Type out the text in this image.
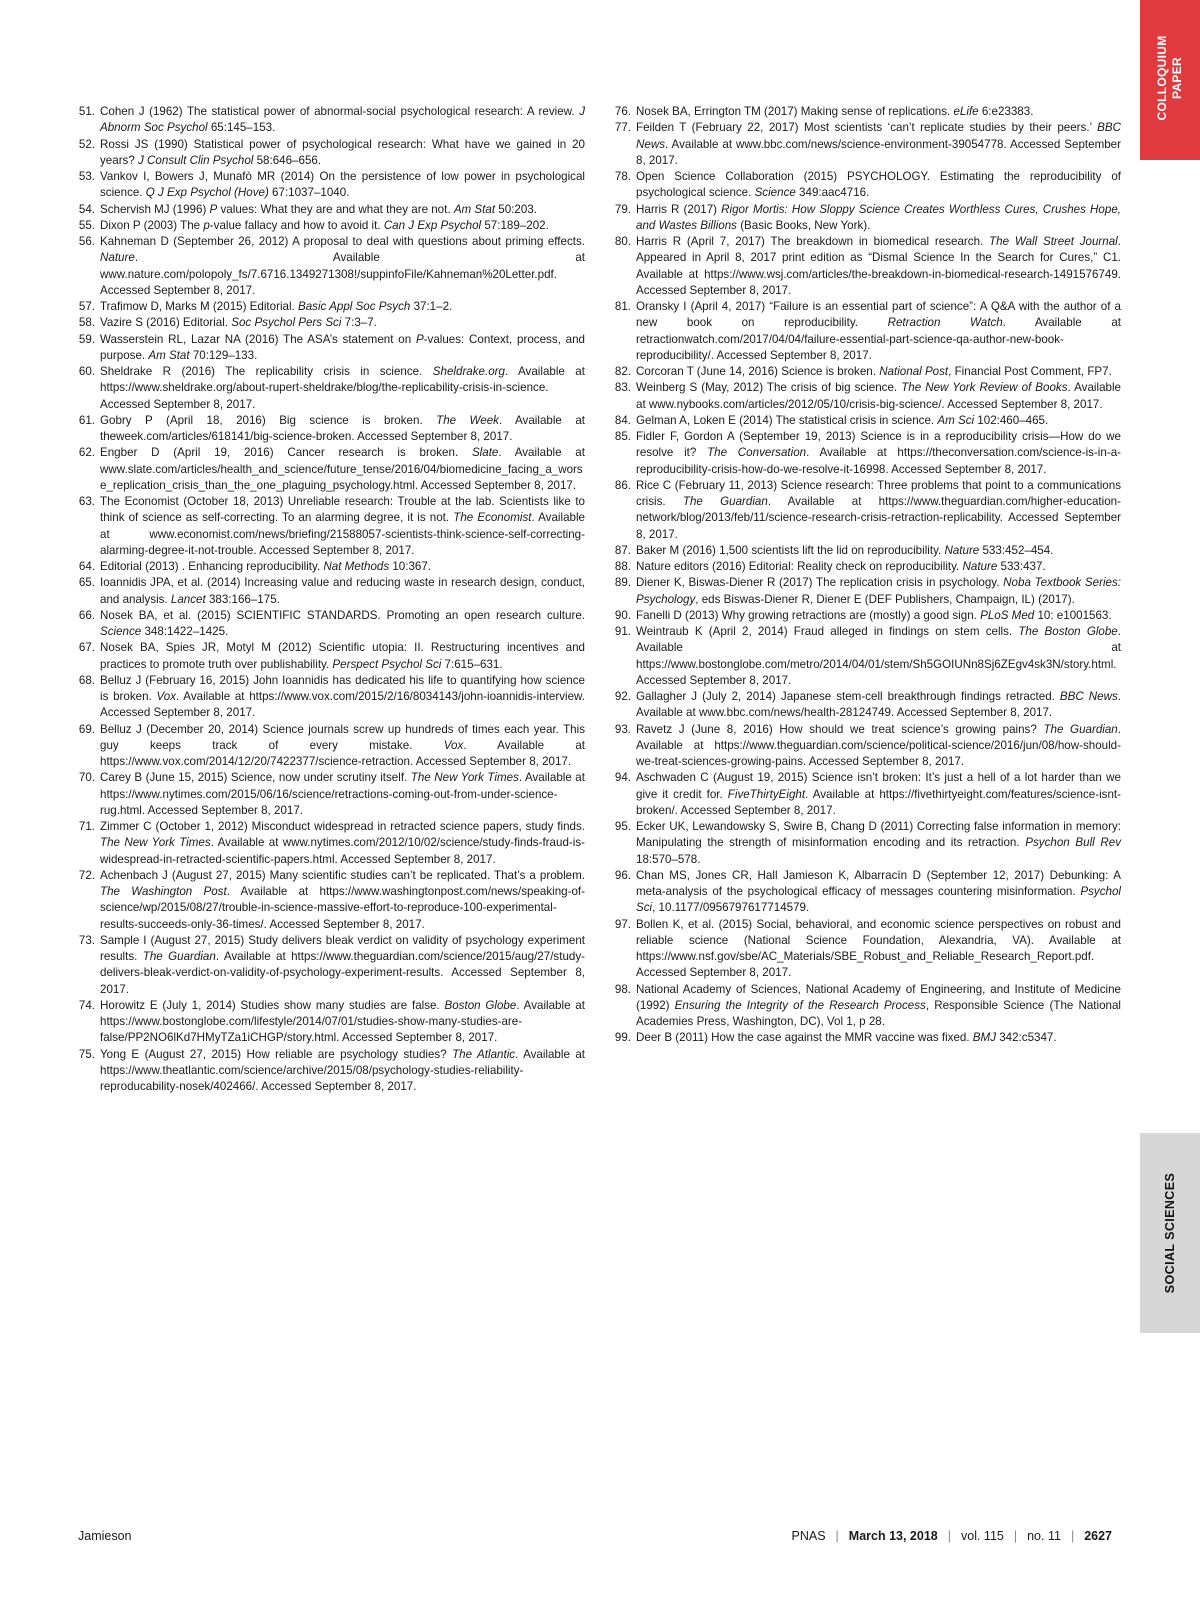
COLLOQUIUM PAPER
SOCIAL SCIENCES
51. Cohen J (1962) The statistical power of abnormal-social psychological research: A review. J Abnorm Soc Psychol 65:145–153.
52. Rossi JS (1990) Statistical power of psychological research: What have we gained in 20 years? J Consult Clin Psychol 58:646–656.
53. Vankov I, Bowers J, Munafò MR (2014) On the persistence of low power in psychological science. Q J Exp Psychol (Hove) 67:1037–1040.
54. Schervish MJ (1996) P values: What they are and what they are not. Am Stat 50:203.
55. Dixon P (2003) The p-value fallacy and how to avoid it. Can J Exp Psychol 57:189–202.
56. Kahneman D (September 26, 2012) A proposal to deal with questions about priming effects. Nature. Available at www.nature.com/polopoly_fs/7.6716.1349271308!/suppinfoFile/Kahneman%20Letter.pdf. Accessed September 8, 2017.
57. Trafimow D, Marks M (2015) Editorial. Basic Appl Soc Psych 37:1–2.
58. Vazire S (2016) Editorial. Soc Psychol Pers Sci 7:3–7.
59. Wasserstein RL, Lazar NA (2016) The ASA’s statement on P-values: Context, process, and purpose. Am Stat 70:129–133.
60. Sheldrake R (2016) The replicability crisis in science. Sheldrake.org. Available at https://www.sheldrake.org/about-rupert-sheldrake/blog/the-replicability-crisis-in-science. Accessed September 8, 2017.
61. Gobry P (April 18, 2016) Big science is broken. The Week. Available at theweek.com/articles/618141/big-science-broken. Accessed September 8, 2017.
62. Engber D (April 19, 2016) Cancer research is broken. Slate. Available at www.slate.com/articles/health_and_science/future_tense/2016/04/biomedicine_facing_a_worse_replication_crisis_than_the_one_plaguing_psychology.html. Accessed September 8, 2017.
63. The Economist (October 18, 2013) Unreliable research: Trouble at the lab. Scientists like to think of science as self-correcting. To an alarming degree, it is not. The Economist. Available at www.economist.com/news/briefing/21588057-scientists-think-science-self-correcting-alarming-degree-it-not-trouble. Accessed September 8, 2017.
64. Editorial (2013) . Enhancing reproducibility. Nat Methods 10:367.
65. Ioannidis JPA, et al. (2014) Increasing value and reducing waste in research design, conduct, and analysis. Lancet 383:166–175.
66. Nosek BA, et al. (2015) SCIENTIFIC STANDARDS. Promoting an open research culture. Science 348:1422–1425.
67. Nosek BA, Spies JR, Motyl M (2012) Scientific utopia: II. Restructuring incentives and practices to promote truth over publishability. Perspect Psychol Sci 7:615–631.
68. Belluz J (February 16, 2015) John Ioannidis has dedicated his life to quantifying how science is broken. Vox. Available at https://www.vox.com/2015/2/16/8034143/john-ioannidis-interview. Accessed September 8, 2017.
69. Belluz J (December 20, 2014) Science journals screw up hundreds of times each year. This guy keeps track of every mistake. Vox. Available at https://www.vox.com/2014/12/20/7422377/science-retraction. Accessed September 8, 2017.
70. Carey B (June 15, 2015) Science, now under scrutiny itself. The New York Times. Available at https://www.nytimes.com/2015/06/16/science/retractions-coming-out-from-under-science-rug.html. Accessed September 8, 2017.
71. Zimmer C (October 1, 2012) Misconduct widespread in retracted science papers, study finds. The New York Times. Available at www.nytimes.com/2012/10/02/science/study-finds-fraud-is-widespread-in-retracted-scientific-papers.html. Accessed September 8, 2017.
72. Achenbach J (August 27, 2015) Many scientific studies can’t be replicated. That’s a problem. The Washington Post. Available at https://www.washingtonpost.com/news/speaking-of-science/wp/2015/08/27/trouble-in-science-massive-effort-to-reproduce-100-experimental-results-succeeds-only-36-times/. Accessed September 8, 2017.
73. Sample I (August 27, 2015) Study delivers bleak verdict on validity of psychology experiment results. The Guardian. Available at https://www.theguardian.com/science/2015/aug/27/study-delivers-bleak-verdict-on-validity-of-psychology-experiment-results. Accessed September 8, 2017.
74. Horowitz E (July 1, 2014) Studies show many studies are false. Boston Globe. Available at https://www.bostonglobe.com/lifestyle/2014/07/01/studies-show-many-studies-are-false/PP2NO6lKd7HMyTZa1iCHGP/story.html. Accessed September 8, 2017.
75. Yong E (August 27, 2015) How reliable are psychology studies? The Atlantic. Available at https://www.theatlantic.com/science/archive/2015/08/psychology-studies-reliability-reproducability-nosek/402466/. Accessed September 8, 2017.
76. Nosek BA, Errington TM (2017) Making sense of replications. eLife 6:e23383.
77. Feilden T (February 22, 2017) Most scientists ‘can’t replicate studies by their peers.’ BBC News. Available at www.bbc.com/news/science-environment-39054778. Accessed September 8, 2017.
78. Open Science Collaboration (2015) PSYCHOLOGY. Estimating the reproducibility of psychological science. Science 349:aac4716.
79. Harris R (2017) Rigor Mortis: How Sloppy Science Creates Worthless Cures, Crushes Hope, and Wastes Billions (Basic Books, New York).
80. Harris R (April 7, 2017) The breakdown in biomedical research. The Wall Street Journal. Appeared in April 8, 2017 print edition as “Dismal Science In the Search for Cures,” C1. Available at https://www.wsj.com/articles/the-breakdown-in-biomedical-research-1491576749. Accessed September 8, 2017.
81. Oransky I (April 4, 2017) “Failure is an essential part of science”: A Q&A with the author of a new book on reproducibility. Retraction Watch. Available at retractionwatch.com/2017/04/04/failure-essential-part-science-qa-author-new-book-reproducibility/. Accessed September 8, 2017.
82. Corcoran T (June 14, 2016) Science is broken. National Post, Financial Post Comment, FP7.
83. Weinberg S (May, 2012) The crisis of big science. The New York Review of Books. Available at www.nybooks.com/articles/2012/05/10/crisis-big-science/. Accessed September 8, 2017.
84. Gelman A, Loken E (2014) The statistical crisis in science. Am Sci 102:460–465.
85. Fidler F, Gordon A (September 19, 2013) Science is in a reproducibility crisis—How do we resolve it? The Conversation. Available at https://theconversation.com/science-is-in-a-reproducibility-crisis-how-do-we-resolve-it-16998. Accessed September 8, 2017.
86. Rice C (February 11, 2013) Science research: Three problems that point to a communications crisis. The Guardian. Available at https://www.theguardian.com/higher-education-network/blog/2013/feb/11/science-research-crisis-retraction-replicability. Accessed September 8, 2017.
87. Baker M (2016) 1,500 scientists lift the lid on reproducibility. Nature 533:452–454.
88. Nature editors (2016) Editorial: Reality check on reproducibility. Nature 533:437.
89. Diener K, Biswas-Diener R (2017) The replication crisis in psychology. Noba Textbook Series: Psychology, eds Biswas-Diener R, Diener E (DEF Publishers, Champaign, IL) (2017).
90. Fanelli D (2013) Why growing retractions are (mostly) a good sign. PLoS Med 10: e1001563.
91. Weintraub K (April 2, 2014) Fraud alleged in findings on stem cells. The Boston Globe. Available at https://www.bostonglobe.com/metro/2014/04/01/stem/Sh5GOIUNn8Sj6ZEgv4sk3N/story.html. Accessed September 8, 2017.
92. Gallagher J (July 2, 2014) Japanese stem-cell breakthrough findings retracted. BBC News. Available at www.bbc.com/news/health-28124749. Accessed September 8, 2017.
93. Ravetz J (June 8, 2016) How should we treat science’s growing pains? The Guardian. Available at https://www.theguardian.com/science/political-science/2016/jun/08/how-should-we-treat-sciences-growing-pains. Accessed September 8, 2017.
94. Aschwaden C (August 19, 2015) Science isn’t broken: It’s just a hell of a lot harder than we give it credit for. FiveThirtyEight. Available at https://fivethirtyeight.com/features/science-isnt-broken/. Accessed September 8, 2017.
95. Ecker UK, Lewandowsky S, Swire B, Chang D (2011) Correcting false information in memory: Manipulating the strength of misinformation encoding and its retraction. Psychon Bull Rev 18:570–578.
96. Chan MS, Jones CR, Hall Jamieson K, Albarracín D (September 12, 2017) Debunking: A meta-analysis of the psychological efficacy of messages countering misinformation. Psychol Sci, 10.1177/0956797617714579.
97. Bollen K, et al. (2015) Social, behavioral, and economic science perspectives on robust and reliable science (National Science Foundation, Alexandria, VA). Available at https://www.nsf.gov/sbe/AC_Materials/SBE_Robust_and_Reliable_Research_Report.pdf. Accessed September 8, 2017.
98. National Academy of Sciences, National Academy of Engineering, and Institute of Medicine (1992) Ensuring the Integrity of the Research Process, Responsible Science (The National Academies Press, Washington, DC), Vol 1, p 28.
99. Deer B (2011) How the case against the MMR vaccine was fixed. BMJ 342:c5347.
Jamieson	PNAS | March 13, 2018 | vol. 115 | no. 11 | 2627
